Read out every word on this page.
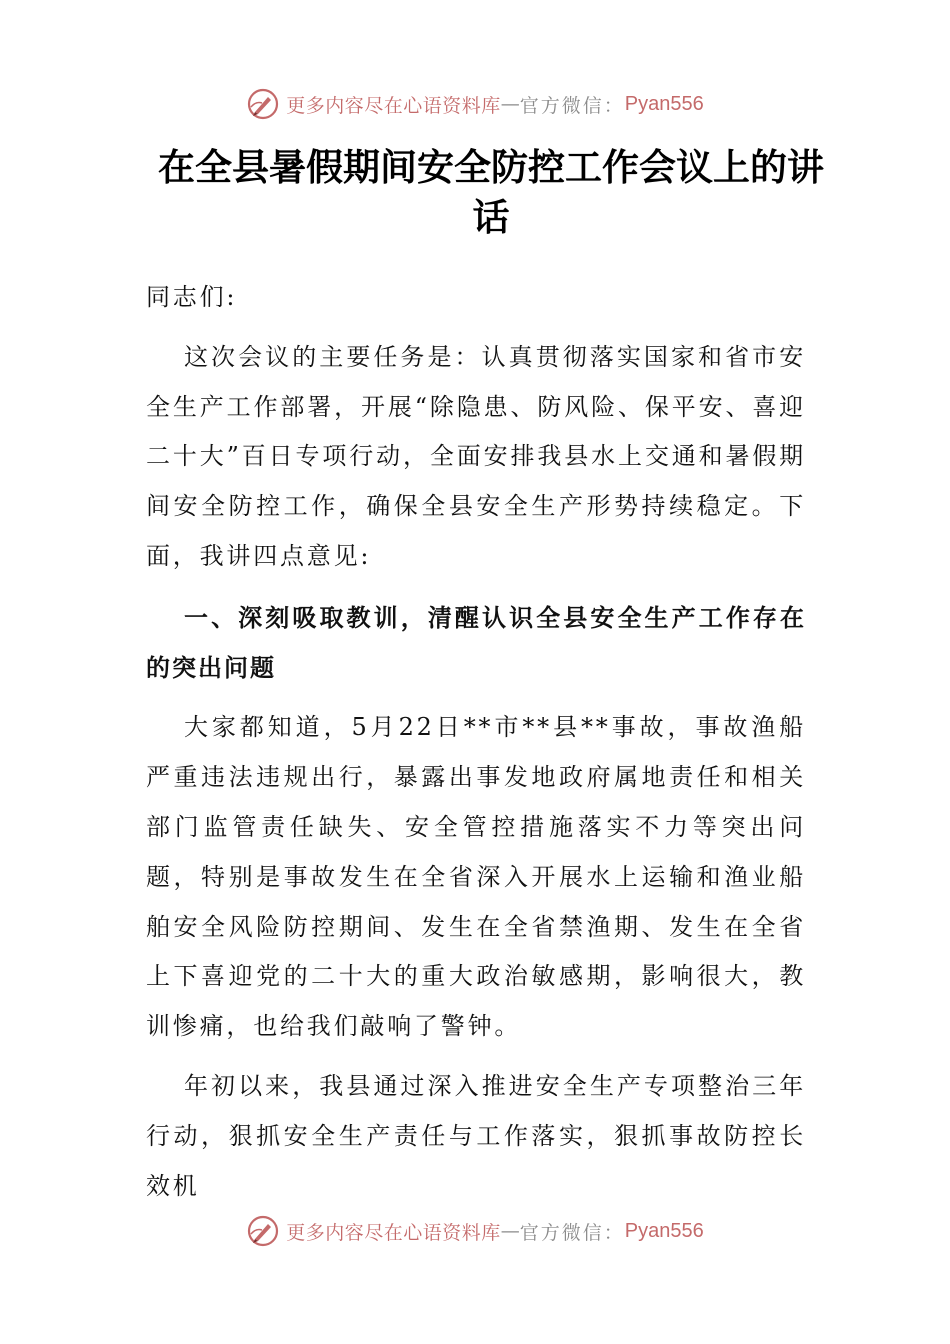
更多内容尽在心语资料库 — 官方微信： Pyan556
在全县暑假期间安全防控工作会议上的讲话

同志们:

这次会议的主要任务是：认真贯彻落实国家和省市安全生产工作部署，开展“除隐患、防风险、保平安、喜迎二十大”百日专项行动，全面安排我县水上交通和暑假期间安全防控工作，确保全县安全生产形势持续稳定。下面，我讲四点意见:

一、深刻吸取教训，清醒认识全县安全生产工作存在的突出问题

大家都知道，5月22日**市**县**事故，事故渔船严重违法违规出行，暴露出事发地政府属地责任和相关部门监管责任缺失、安全管控措施落实不力等突出问题，特别是事故发生在全省深入开展水上运输和渔业船舶安全风险防控期间、发生在全省禁渔期、发生在全省上下喜迎党的二十大的重大政治敏感期，影响很大，教训惨痛，也给我们敲响了警钟。

年初以来，我县通过深入推进安全生产专项整治三年行动，狠抓安全生产责任与工作落实，狠抓事故防控长效机

更多内容尽在心语资料库 — 官方微信： Pyan556
